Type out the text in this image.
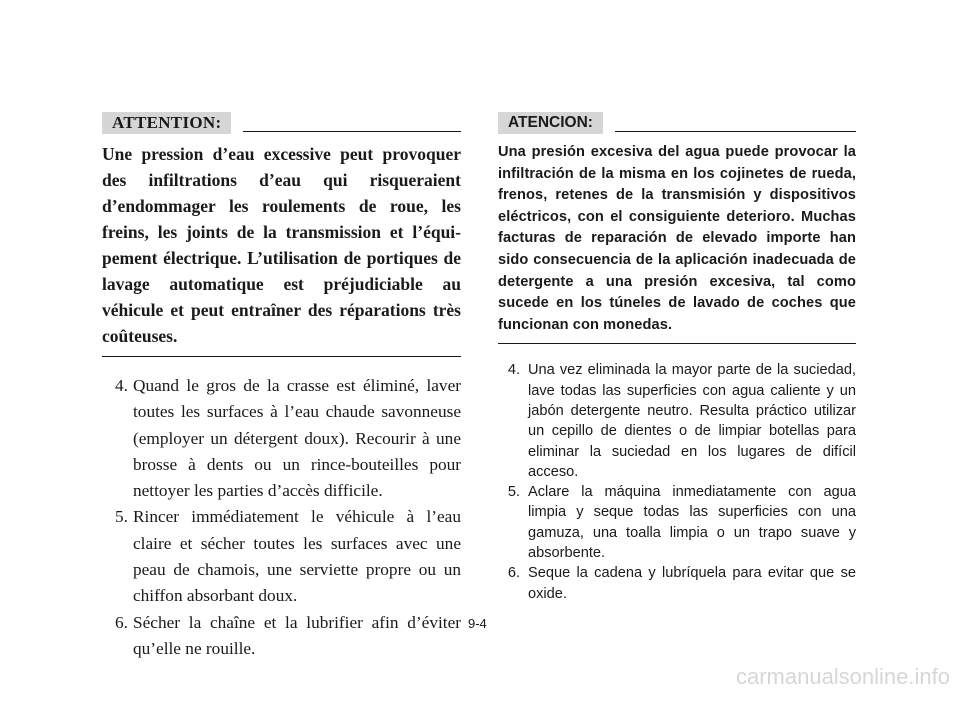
ATTENTION:

Une pression d’eau excessive peut provoquer des infiltrations d’eau qui risqueraient d’endommager les roulements de roue, les freins, les joints de la transmission et l’équipement électrique. L’utilisation de portiques de lavage automatique est préjudiciable au véhicule et peut entraîner des réparations très coûteuses.

4. Quand le gros de la crasse est éliminé, laver toutes les surfaces à l’eau chaude savonneuse (employer un détergent doux). Recourir à une brosse à dents ou un rince-bouteilles pour nettoyer les parties d’accès difficile.
5. Rincer immédiatement le véhicule à l’eau claire et sécher toutes les surfaces avec une peau de chamois, une serviette propre ou un chiffon absorbant doux.
6. Sécher la chaîne et la lubrifier afin d’éviter qu’elle ne rouille.
ATENCION:

Una presión excesiva del agua puede provocar la infiltración de la misma en los cojinetes de rueda, frenos, retenes de la transmisión y dispositivos eléctricos, con el consiguiente deterioro. Muchas facturas de reparación de elevado importe han sido consecuencia de la aplicación inadecuada de detergente a una presión excesiva, tal como sucede en los túneles de lavado de coches que funcionan con monedas.

4. Una vez eliminada la mayor parte de la suciedad, lave todas las superficies con agua caliente y un jabón detergente neutro. Resulta práctico utilizar un cepillo de dientes o de limpiar botellas para eliminar la suciedad en los lugares de difícil acceso.
5. Aclare la máquina inmediatamente con agua limpia y seque todas las superficies con una gamuza, una toalla limpia o un trapo suave y absorbente.
6. Seque la cadena y lubríquela para evitar que se oxide.
9-4
carmanualsonline.info
